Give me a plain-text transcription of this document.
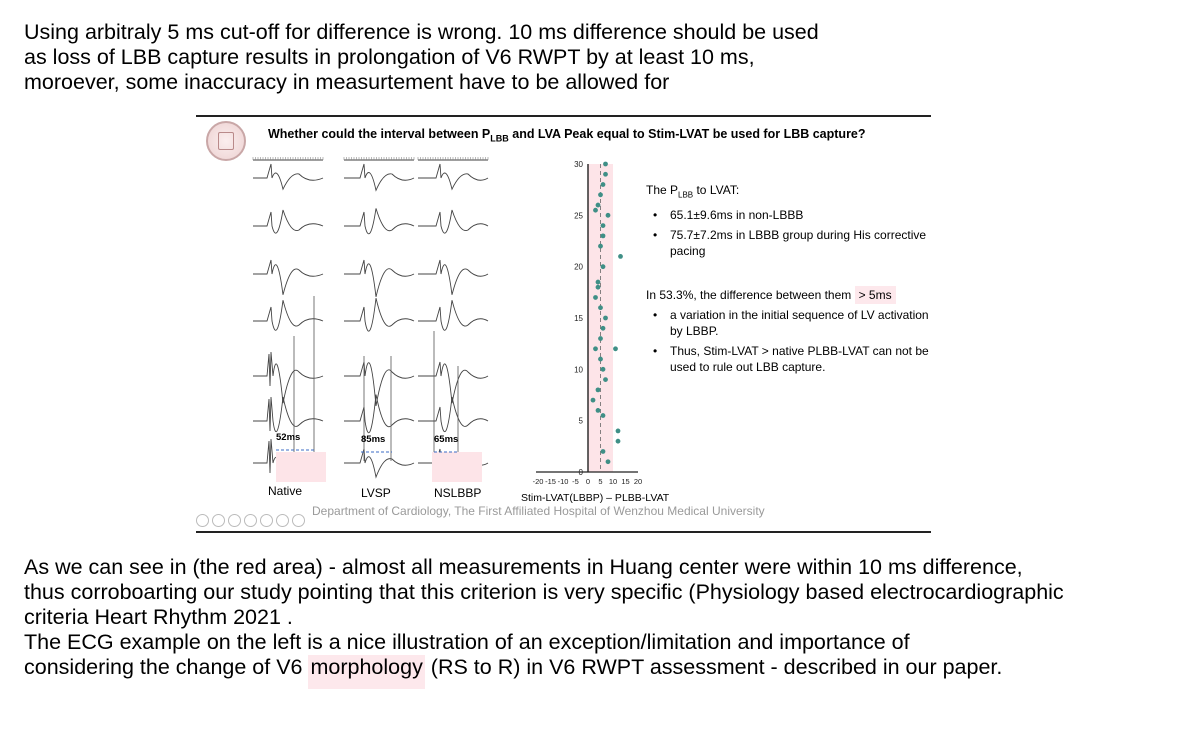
Using arbitraly 5 ms cut-off for difference is wrong. 10 ms difference should be used
as loss of LBB capture results in prolongation of V6 RWPT by at least 10 ms,
moroever, some inaccuracy in measurtement have to be allowed for
Whether could the interval between $P_{LBB}$ and LVA Peak equal to Stim-LVAT be used for LBB capture?
52ms	85ms	65ms
Native	LVSP	NSLBBP
0
5
10
15
20
25
30
-20 -15 -10 -5 0 5 10 15 20
Stim-LVAT(LBBP) – PLBB-LVAT
The $P_{LBB}$ to LVAT:
• 65.1±9.6ms in non-LBBB
• 75.7±7.2ms in LBBB group during His corrective pacing
In 53.3%, the difference between them > 5ms
• a variation in the initial sequence of LV activation by LBBP.
• Thus, Stim-LVAT > native PLBB-LVAT can not be used to rule out LBB capture.
Department of Cardiology, The First Affiliated Hospital of Wenzhou Medical University
As we can see in (the red area) - almost all measurements in Huang center were within 10 ms difference,
thus corroboarting our study pointing that this criterion is very specific (Physiology based electrocardiographic
criteria Heart Rhythm 2021 .
The ECG example on the left is a nice illustration of an exception/limitation and importance of
considering the change of V6 morphology (RS to R) in V6 RWPT assessment - described in our paper.
